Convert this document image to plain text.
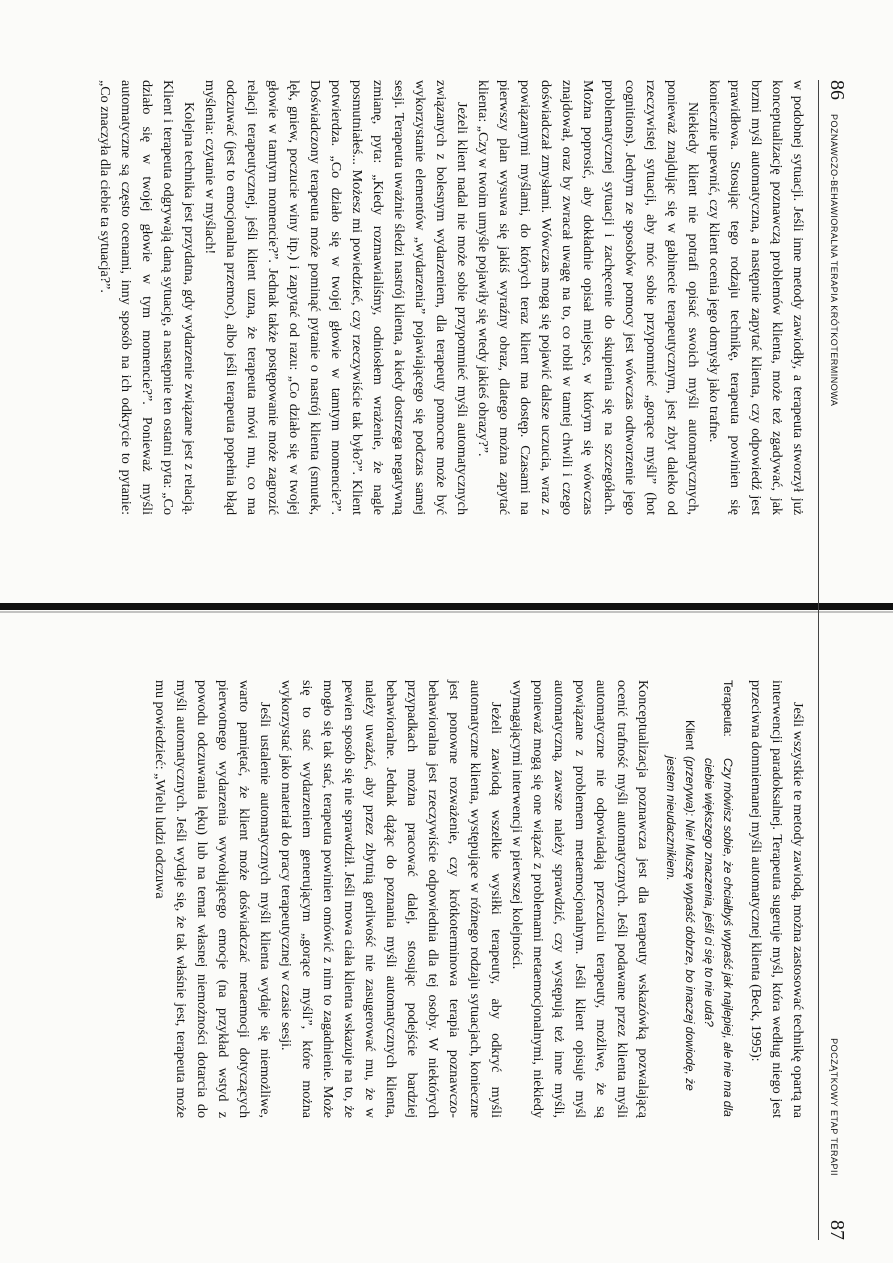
86
POZNAWCZO-BEHAWIORALNA TERAPIA KRÓTKOTERMINOWA

w podobnej sytuacji. Jeśli inne metody zawiodły, a terapeuta stworzył już konceptualizację poznawczą problemów klienta, może też zgadywać, jak brzmi myśl automatyczna, a następnie zapytać klienta, czy odpowiedź jest prawidłowa. Stosując tego rodzaju technikę, terapeuta powinien się koniecznie upewnić, czy klient ocenia jego domysły jako trafne.

Niekiedy klient nie potrafi opisać swoich myśli automatycznych, ponieważ znajdując się w gabinecie terapeutycznym, jest zbyt daleko od rzeczywistej sytuacji, aby móc sobie przypomnieć „gorące myśli” (hot cognitions). Jednym ze sposobów pomocy jest wówczas odtworzenie jego problematycznej sytuacji i zachęcenie do skupienia się na szczegółach. Można poprosić, aby dokładnie opisał miejsce, w którym się wówczas znajdował, oraz by zwracał uwagę na to, co robił w tamtej chwili i czego doświadczał zmysłami. Wówczas mogą się pojawić dalsze uczucia, wraz z powiązanymi myślami, do których teraz klient ma dostęp. Czasami na pierwszy plan wysuwa się jakiś wyraźny obraz, dlatego można zapytać klienta: „Czy w twoim umyśle pojawiły się wtedy jakieś obrazy?”.

Jeżeli klient nadal nie może sobie przypomnieć myśli automatycznych związanych z bolesnym wydarzeniem, dla terapeuty pomocne może być wykorzystanie elementów „wydarzenia” pojawiającego się podczas samej sesji. Terapeuta uważnie śledzi nastrój klienta, a kiedy dostrzega negatywną zmianę, pyta: „Kiedy rozmawialiśmy, odniosłem wrażenie, że nagle posmutniałeś... Możesz mi powiedzieć, czy rzeczywiście tak było?”. Klient potwierdza. „Co działo się w twojej głowie w tamtym momencie?”. Doświadczony terapeuta może pominąć pytanie o nastrój klienta (smutek, lęk, gniew, poczucie winy itp.) i zapytać od razu: „Co działo się w twojej głowie w tamtym momencie?”. Jednak także postępowanie może zagrozić relacji terapeutycznej, jeśli klient uzna, że terapeuta mówi mu, co ma odczuwać (jest to emocjonalna przemoc), albo jeśli terapeuta popełnia błąd myślenia: czytanie w myślach!

Kolejna technika jest przydatna, gdy wydarzenie związane jest z relacją. Klient i terapeuta odgrywają daną sytuację, a następnie ten ostatni pyta: „Co działo się w twojej głowie w tym momencie?”. Ponieważ myśli automatyczne są często ocenami, inny sposób na ich odkrycie to pytanie: „Co znaczyła dla ciebie ta sytuacja?”.

POCZĄTKOWY ETAP TERAPII
87

Jeśli wszystkie te metody zawiodą, można zastosować technikę opartą na interwencji paradoksalnej. Terapeuta sugeruje myśl, która według niego jest przeciwna domniemanej myśli automatycznej klienta (Beck, 1995):

Terapeuta:
Czy mówisz sobie, że chciałbyś wypaść jak najlepiej, ale nie ma dla ciebie większego znaczenia, jeśli ci się to nie uda?
Klient
(przerywa): Nie! Muszę wypaść dobrze, bo inaczej dowiodę, że jestem nieudacznikiem.

Konceptualizacja poznawcza jest dla terapeuty wskazówką pozwalającą ocenić trafność myśli automatycznych. Jeśli podawane przez klienta myśli automatyczne nie odpowiadają przeczuciu terapeuty, możliwe, że są powiązane z problemem metaemocjonalnym. Jeśli klient opisuje myśl automatyczną, zawsze należy sprawdzić, czy występują też inne myśli, ponieważ mogą się one wiązać z problemami metaemocjonalnymi, niekiedy wymagającymi interwencji w pierwszej kolejności.

Jeżeli zawiodą wszelkie wysiłki terapeuty, aby odkryć myśli automatyczne klienta, występujące w różnego rodzaju sytuacjach, konieczne jest ponowne rozważenie, czy krótkoterminowa terapia poznawczo-behawioralna jest rzeczywiście odpowiednia dla tej osoby. W niektórych przypadkach można pracować dalej, stosując podejście bardziej behawioralne. Jednak dążąc do poznania myśli automatycznych klienta, należy uważać, aby przez zbytnią gorliwość nie zasugerować mu, że w pewien sposób się nie sprawdził. Jeśli mowa ciała klienta wskazuje na to, że mogło się tak stać, terapeuta powinien omówić z nim to zagadnienie. Może się to stać wydarzeniem generującym „gorące myśli”, które można wykorzystać jako materiał do pracy terapeutycznej w czasie sesji.

Jeśli ustalenie automatycznych myśli klienta wydaje się niemożliwe, warto pamiętać, że klient może doświadczać metaemocji dotyczących pierwotnego wydarzenia wywołującego emocje (na przykład wstyd z powodu odczuwania lęku) lub na temat własnej niemożności dotarcia do myśli automatycznych. Jeśli wydaje się, że tak właśnie jest, terapeuta może mu powiedzieć: „Wielu ludzi odczuwa
